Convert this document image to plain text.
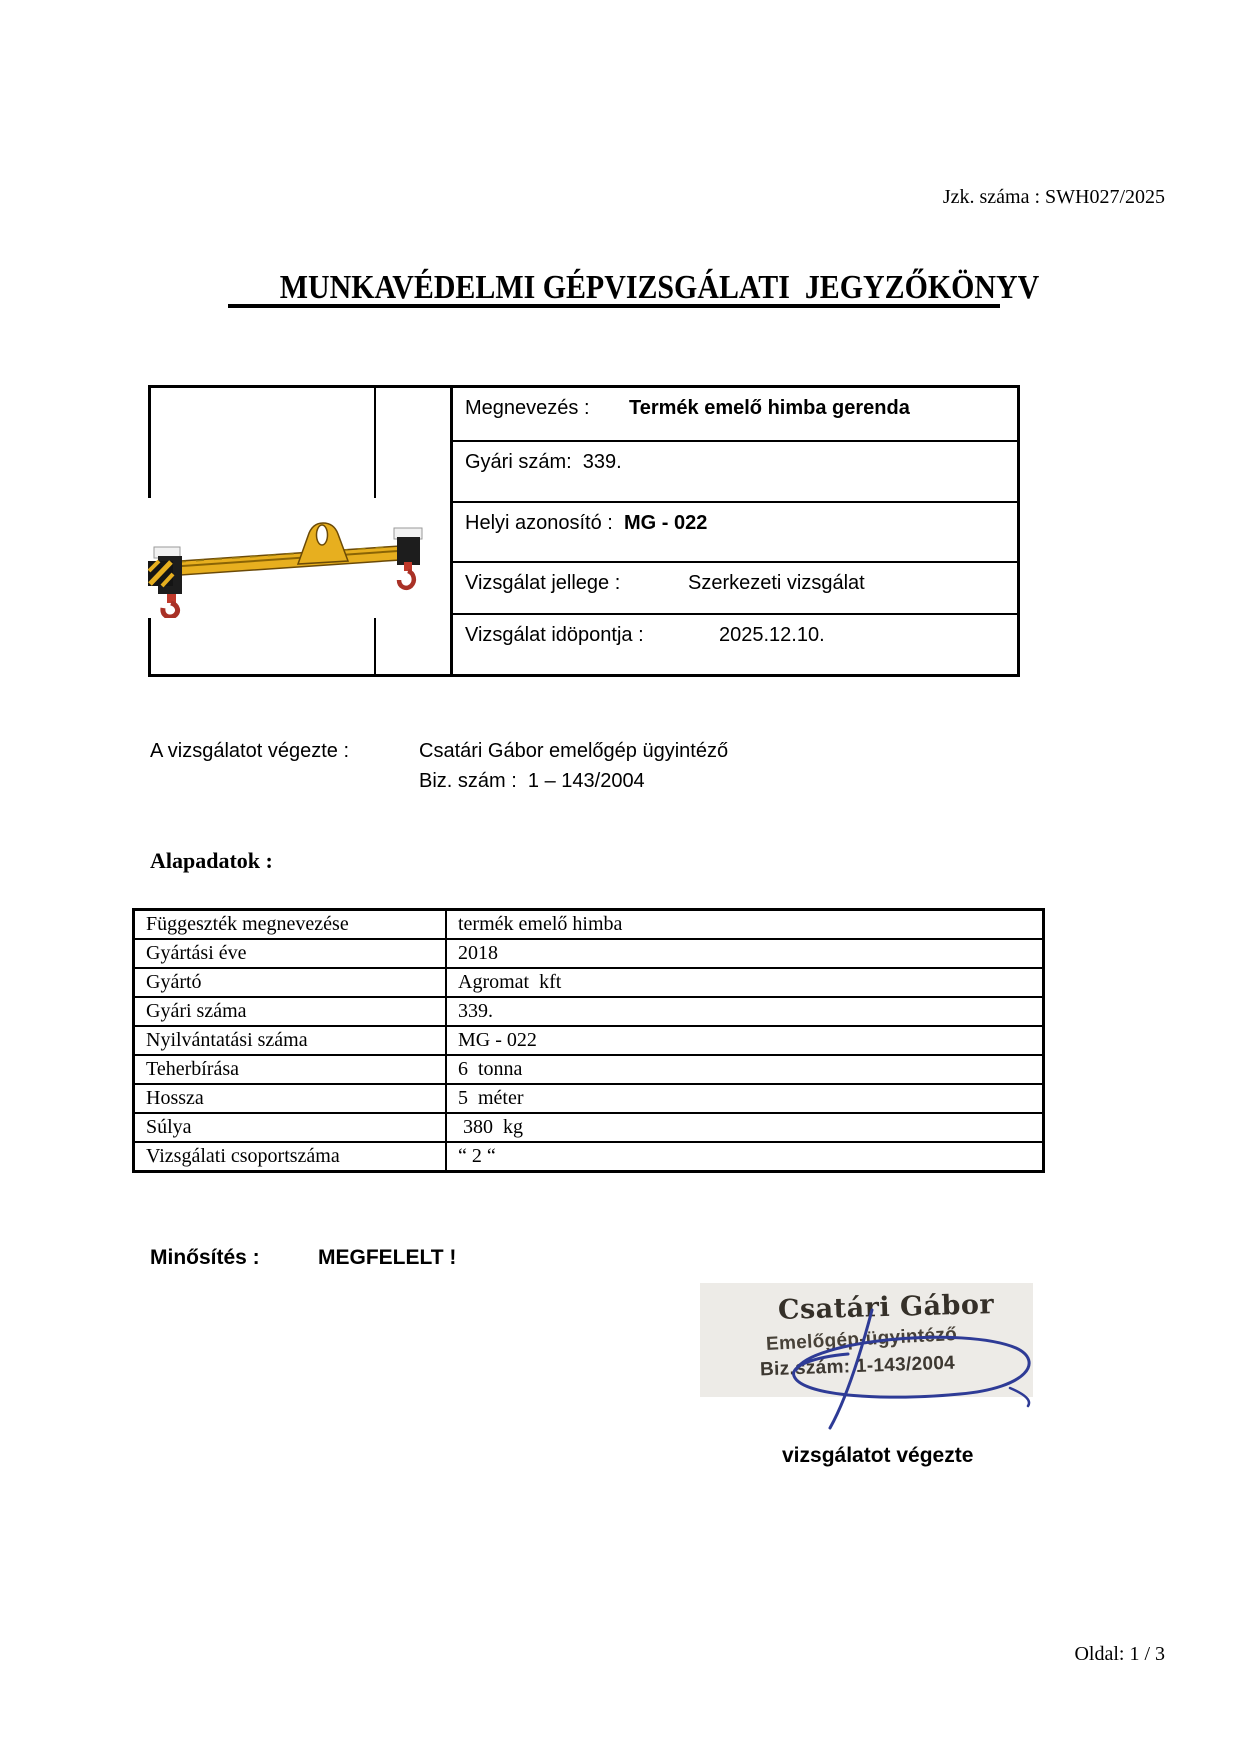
Jzk. száma : SWH027/2025
MUNKAVÉDELMI GÉPVIZSGÁLATI  JEGYZŐKÖNYV
Megnevezés : Termék emelő himba gerenda
Gyári szám:  339.
Helyi azonosító : MG - 022
Vizsgálat jellege :	Szerkezeti vizsgálat
Vizsgálat idöpontja :	2025.12.10.
A vizsgálatot végezte :	Csatári Gábor emelőgép ügyintéző
Biz. szám :  1 – 143/2004
Alapadatok :
Függeszték megnevezése	termék emelő himba
Gyártási éve	2018
Gyártó	Agromat  kft
Gyári száma	339.
Nyilvántatási száma	MG - 022
Teherbírása	6  tonna
Hossza	5  méter
Súlya	380  kg
Vizsgálati csoportszáma	“ 2 “
Minősítés :	MEGFELELT !
Csatári Gábor
Emelőgép-ügyintéző
Biz.szám: 1-143/2004
vizsgálatot végezte
Oldal: 1 / 3
